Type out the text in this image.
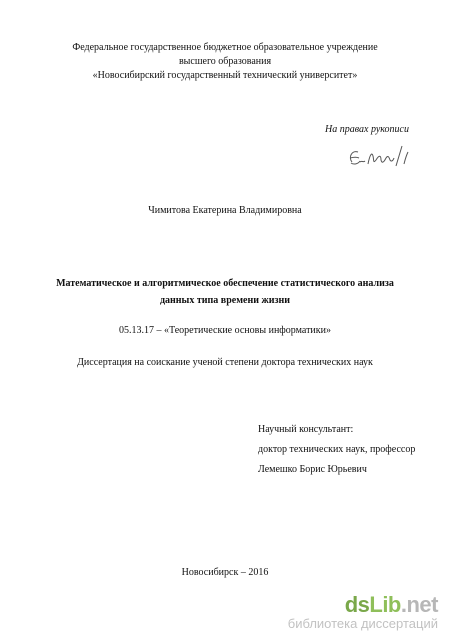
Федеральное государственное бюджетное образовательное учреждение
высшего образования
«Новосибирский государственный технический университет»
На правах рукописи
Чимитова Екатерина Владимировна
Математическое и алгоритмическое обеспечение статистического анализа
данных типа времени жизни
05.13.17 – «Теоретические основы информатики»
Диссертация на соискание ученой степени доктора технических наук
Научный консультант:
доктор технических наук, профессор
Лемешко Борис Юрьевич
Новосибирск – 2016
dsLib.net
библиотека диссертаций
